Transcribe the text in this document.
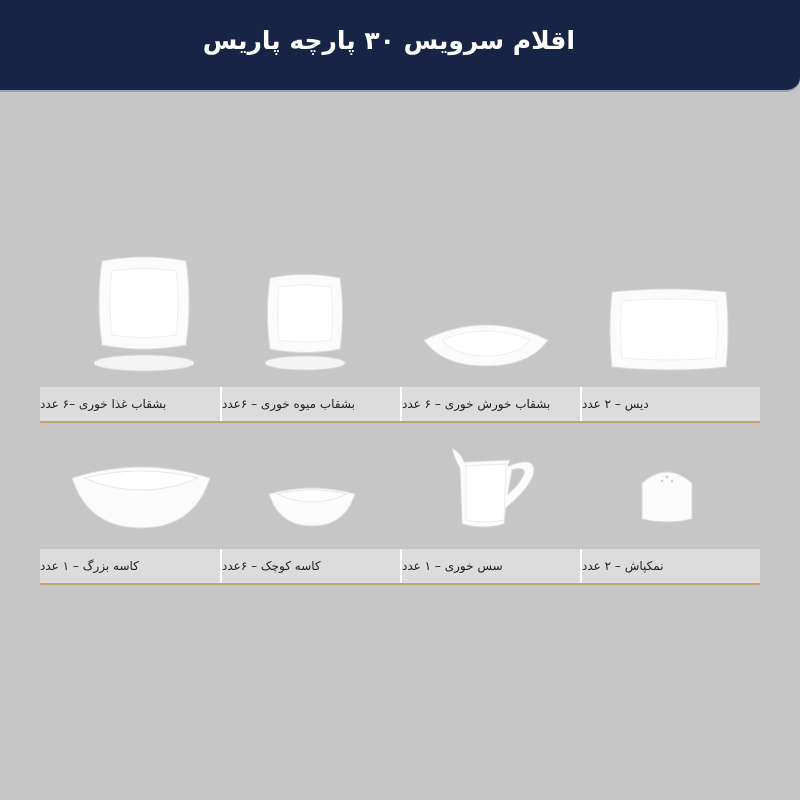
اقلام سرویس ۳۰ پارچه پاریس
دیس – ۲ عدد
بشقاب خورش خوری – ۶ عدد
بشقاب میوه خوری – ۶عدد
بشقاب غذا خوری –۶ عدد
نمکپاش – ۲ عدد
سس خوری – ۱ عدد
کاسه کوچک – ۶عدد
کاسه بزرگ – ۱ عدد
